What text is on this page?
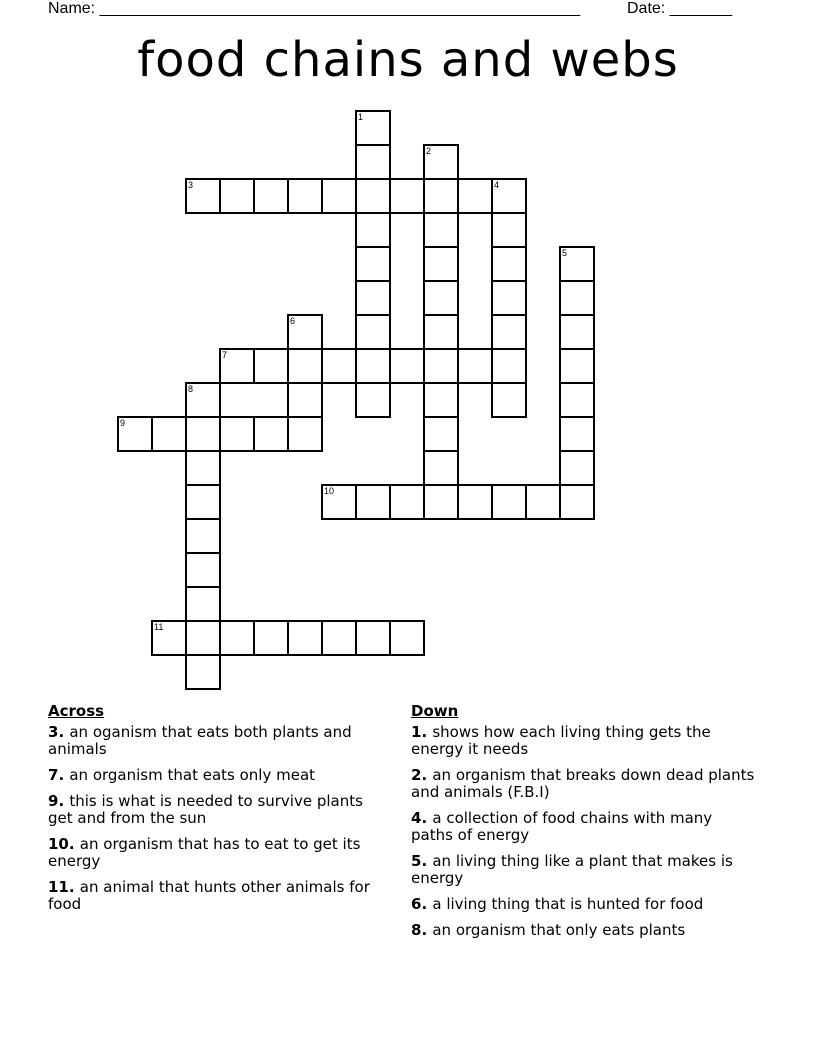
Name: ______________________________________________________	Date: _______
food chains and webs
1
2
3	4
5
6
7
8
9
10
11
Across
3. an oganism that eats both plants and animals
7. an organism that eats only meat
9. this is what is needed to survive plants get and from the sun
10. an organism that has to eat to get its energy
11. an animal that hunts other animals for food
Down
1. shows how each living thing gets the energy it needs
2. an organism that breaks down dead plants and animals (F.B.I)
4. a collection of food chains with many paths of energy
5. an living thing like a plant that makes is energy
6. a living thing that is hunted for food
8. an organism that only eats plants
